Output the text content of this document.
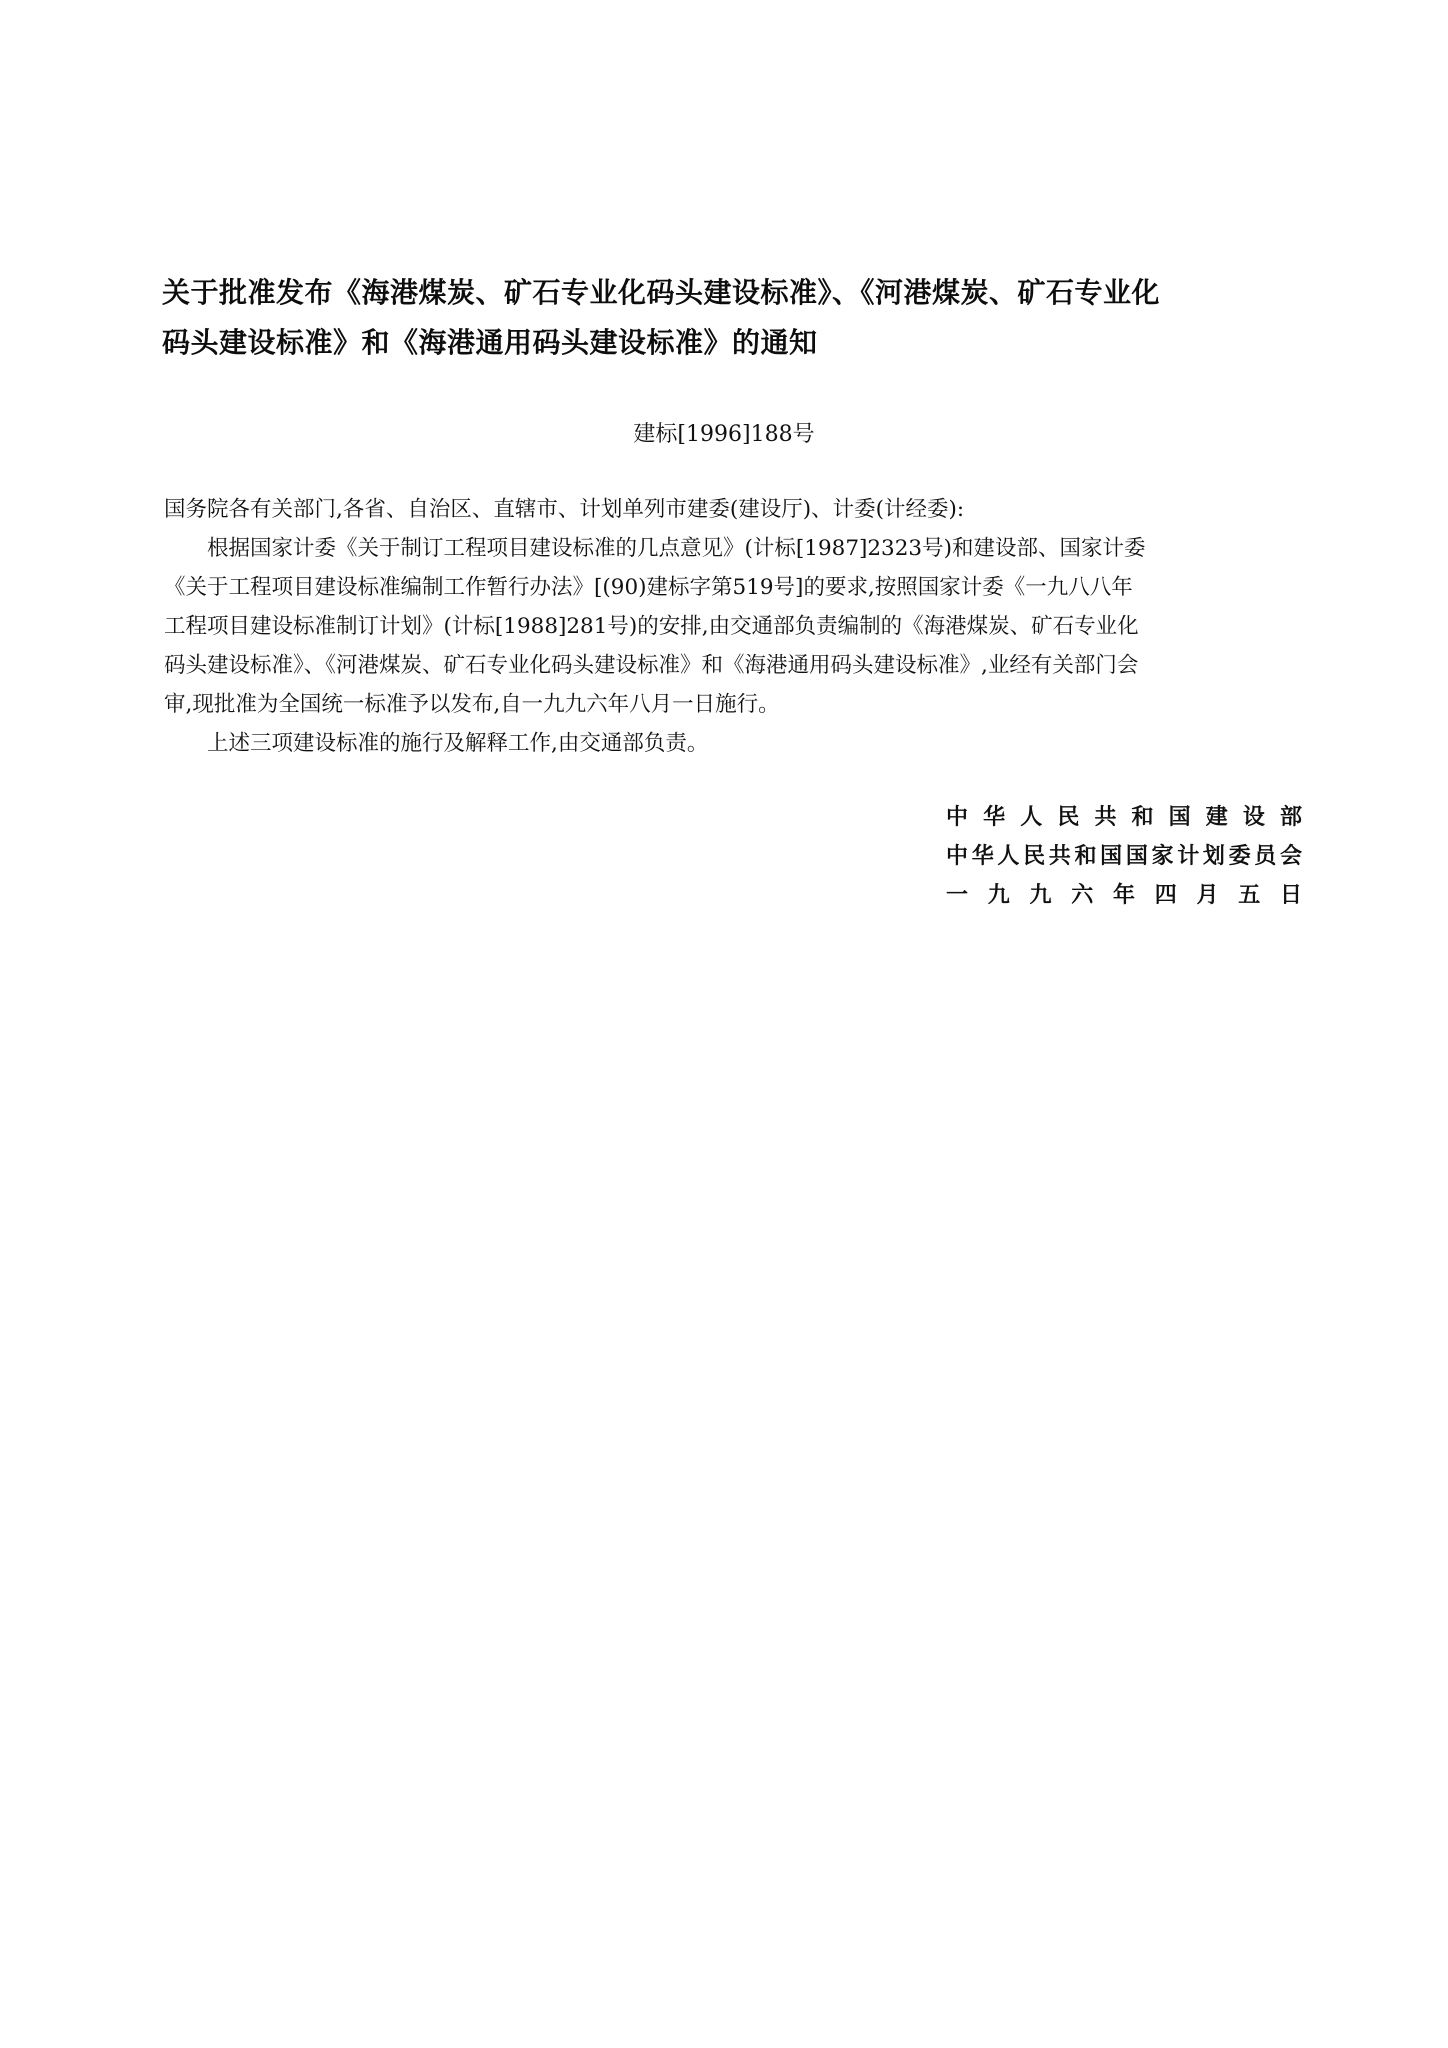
关于批准发布《海港煤炭、矿石专业化码头建设标准》、《河港煤炭、矿石专业化
码头建设标准》和《海港通用码头建设标准》的通知
建标[1996]188号

国务院各有关部门,各省、自治区、直辖市、计划单列市建委(建设厅)、计委(计经委):

根据国家计委《关于制订工程项目建设标准的几点意见》(计标[1987]2323号)和建设部、国家计委

《关于工程项目建设标准编制工作暂行办法》[(90)建标字第519号]的要求,按照国家计委《一九八八年

工程项目建设标准制订计划》(计标[1988]281号)的安排,由交通部负责编制的《海港煤炭、矿石专业化

码头建设标准》、《河港煤炭、矿石专业化码头建设标准》和《海港通用码头建设标准》,业经有关部门会

审,现批准为全国统一标准予以发布,自一九九六年八月一日施行。

上述三项建设标准的施行及解释工作,由交通部负责。

中华人民共和国建设部
中华人民共和国国家计划委员会
一九九六年四月五日
